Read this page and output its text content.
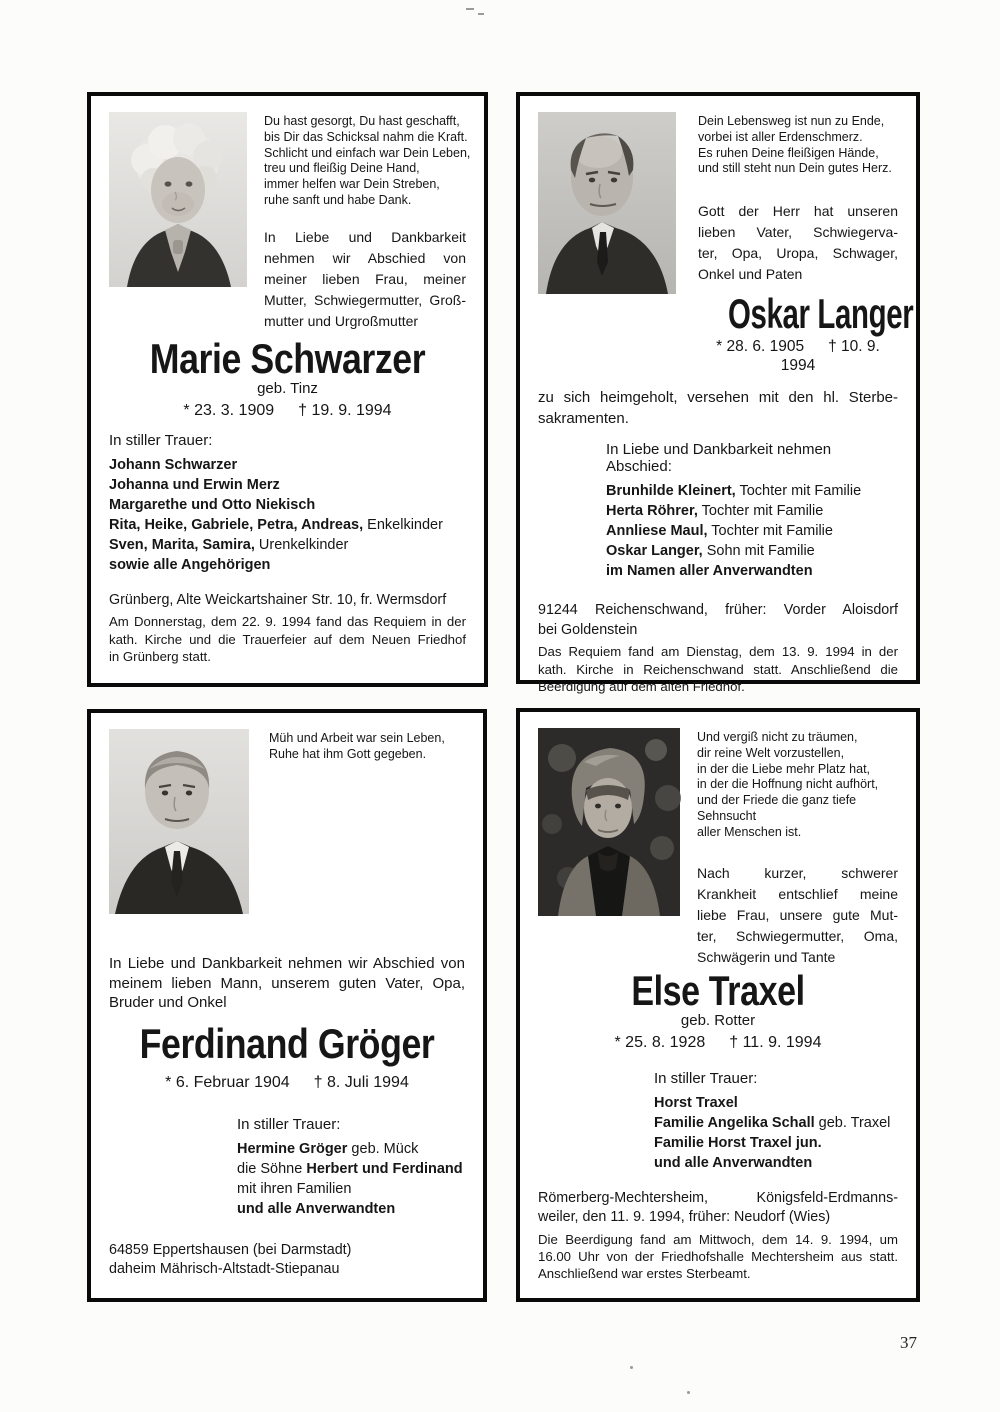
Du hast gesorgt, Du hast geschafft,
bis Dir das Schicksal nahm die Kraft.
Schlicht und einfach war Dein Leben,
treu und fleißig Deine Hand,
immer helfen war Dein Streben,
ruhe sanft und habe Dank.
In Liebe und Dankbarkeit
nehmen wir Abschied von
meiner lieben Frau, meiner
Mutter, Schwiegermutter, Groß-
mutter und Urgroßmutter
Marie Schwarzer
geb. Tinz
* 23. 3. 1909 † 19. 9. 1994
In stiller Trauer:
Johann Schwarzer
Johanna und Erwin Merz
Margarethe und Otto Niekisch
Rita, Heike, Gabriele, Petra, Andreas, Enkelkinder
Sven, Marita, Samira, Urenkelkinder
sowie alle Angehörigen
Grünberg, Alte Weickartshainer Str. 10, fr. Wermsdorf
Am Donnerstag, dem 22. 9. 1994 fand das Requiem in der
kath. Kirche und die Trauerfeier auf dem Neuen Friedhof
in Grünberg statt.
Dein Lebensweg ist nun zu Ende,
vorbei ist aller Erdenschmerz.
Es ruhen Deine fleißigen Hände,
und still steht nun Dein gutes Herz.
Gott der Herr hat unseren
lieben Vater, Schwiegerva-
ter, Opa, Uropa, Schwager,
Onkel und Paten
Oskar Langer
* 28. 6. 1905 † 10. 9. 1994
zu sich heimgeholt, versehen mit den hl. Sterbe-
sakramenten.
In Liebe und Dankbarkeit nehmen Abschied:
Brunhilde Kleinert, Tochter mit Familie
Herta Röhrer, Tochter mit Familie
Annliese Maul, Tochter mit Familie
Oskar Langer, Sohn mit Familie
im Namen aller Anverwandten
91244 Reichenschwand, früher: Vorder Aloisdorf
bei Goldenstein
Das Requiem fand am Dienstag, dem 13. 9. 1994 in der
kath. Kirche in Reichenschwand statt. Anschließend die
Beerdigung auf dem alten Friedhof.
Müh und Arbeit war sein Leben,
Ruhe hat ihm Gott gegeben.
In Liebe und Dankbarkeit nehmen wir Abschied von
meinem lieben Mann, unserem guten Vater, Opa,
Bruder und Onkel
Ferdinand Gröger
* 6. Februar 1904 † 8. Juli 1994
In stiller Trauer:
Hermine Gröger geb. Mück
die Söhne Herbert und Ferdinand
mit ihren Familien
und alle Anverwandten
64859 Eppertshausen (bei Darmstadt)
daheim Mährisch-Altstadt-Stiepanau
Und vergiß nicht zu träumen,
dir reine Welt vorzustellen,
in der die Liebe mehr Platz hat,
in der die Hoffnung nicht aufhört,
und der Friede die ganz tiefe
Sehnsucht
aller Menschen ist.
Nach kurzer, schwerer
Krankheit entschlief meine
liebe Frau, unsere gute Mut-
ter, Schwiegermutter, Oma,
Schwägerin und Tante
Else Traxel
geb. Rotter
* 25. 8. 1928 † 11. 9. 1994
In stiller Trauer:
Horst Traxel
Familie Angelika Schall geb. Traxel
Familie Horst Traxel jun.
und alle Anverwandten
Römerberg-Mechtersheim, Königsfeld-Erdmanns-
weiler, den 11. 9. 1994, früher: Neudorf (Wies)
Die Beerdigung fand am Mittwoch, dem 14. 9. 1994, um
16.00 Uhr von der Friedhofshalle Mechtersheim aus statt.
Anschließend war erstes Sterbeamt.
37
